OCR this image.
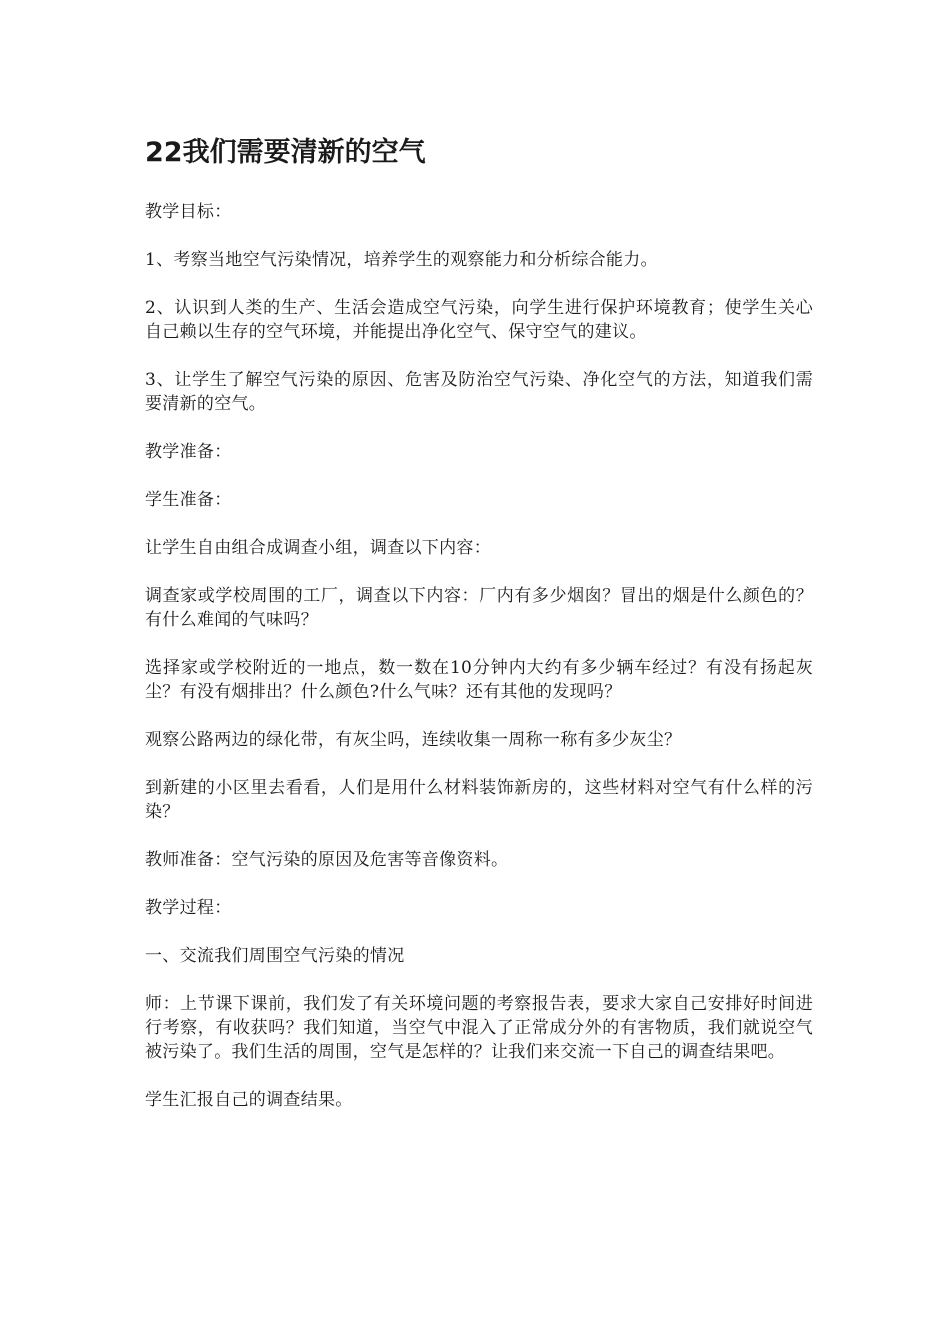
22我们需要清新的空气

教学目标：

1、考察当地空气污染情况，培养学生的观察能力和分析综合能力。

2、认识到人类的生产、生活会造成空气污染，向学生进行保护环境教育；使学生关心自己赖以生存的空气环境，并能提出净化空气、保守空气的建议。

3、让学生了解空气污染的原因、危害及防治空气污染、净化空气的方法，知道我们需要清新的空气。

教学准备：

学生准备：

让学生自由组合成调查小组，调查以下内容：

调查家或学校周围的工厂，调查以下内容：厂内有多少烟囱？冒出的烟是什么颜色的？有什么难闻的气味吗？

选择家或学校附近的一地点，数一数在10分钟内大约有多少辆车经过？有没有扬起灰尘？有没有烟排出？什么颜色?什么气味？还有其他的发现吗？

观察公路两边的绿化带，有灰尘吗，连续收集一周称一称有多少灰尘？

到新建的小区里去看看，人们是用什么材料装饰新房的，这些材料对空气有什么样的污染？

教师准备：空气污染的原因及危害等音像资料。

教学过程：

一、交流我们周围空气污染的情况

师：上节课下课前，我们发了有关环境问题的考察报告表，要求大家自己安排好时间进行考察，有收获吗？我们知道，当空气中混入了正常成分外的有害物质，我们就说空气被污染了。我们生活的周围，空气是怎样的？让我们来交流一下自己的调查结果吧。

学生汇报自己的调查结果。
